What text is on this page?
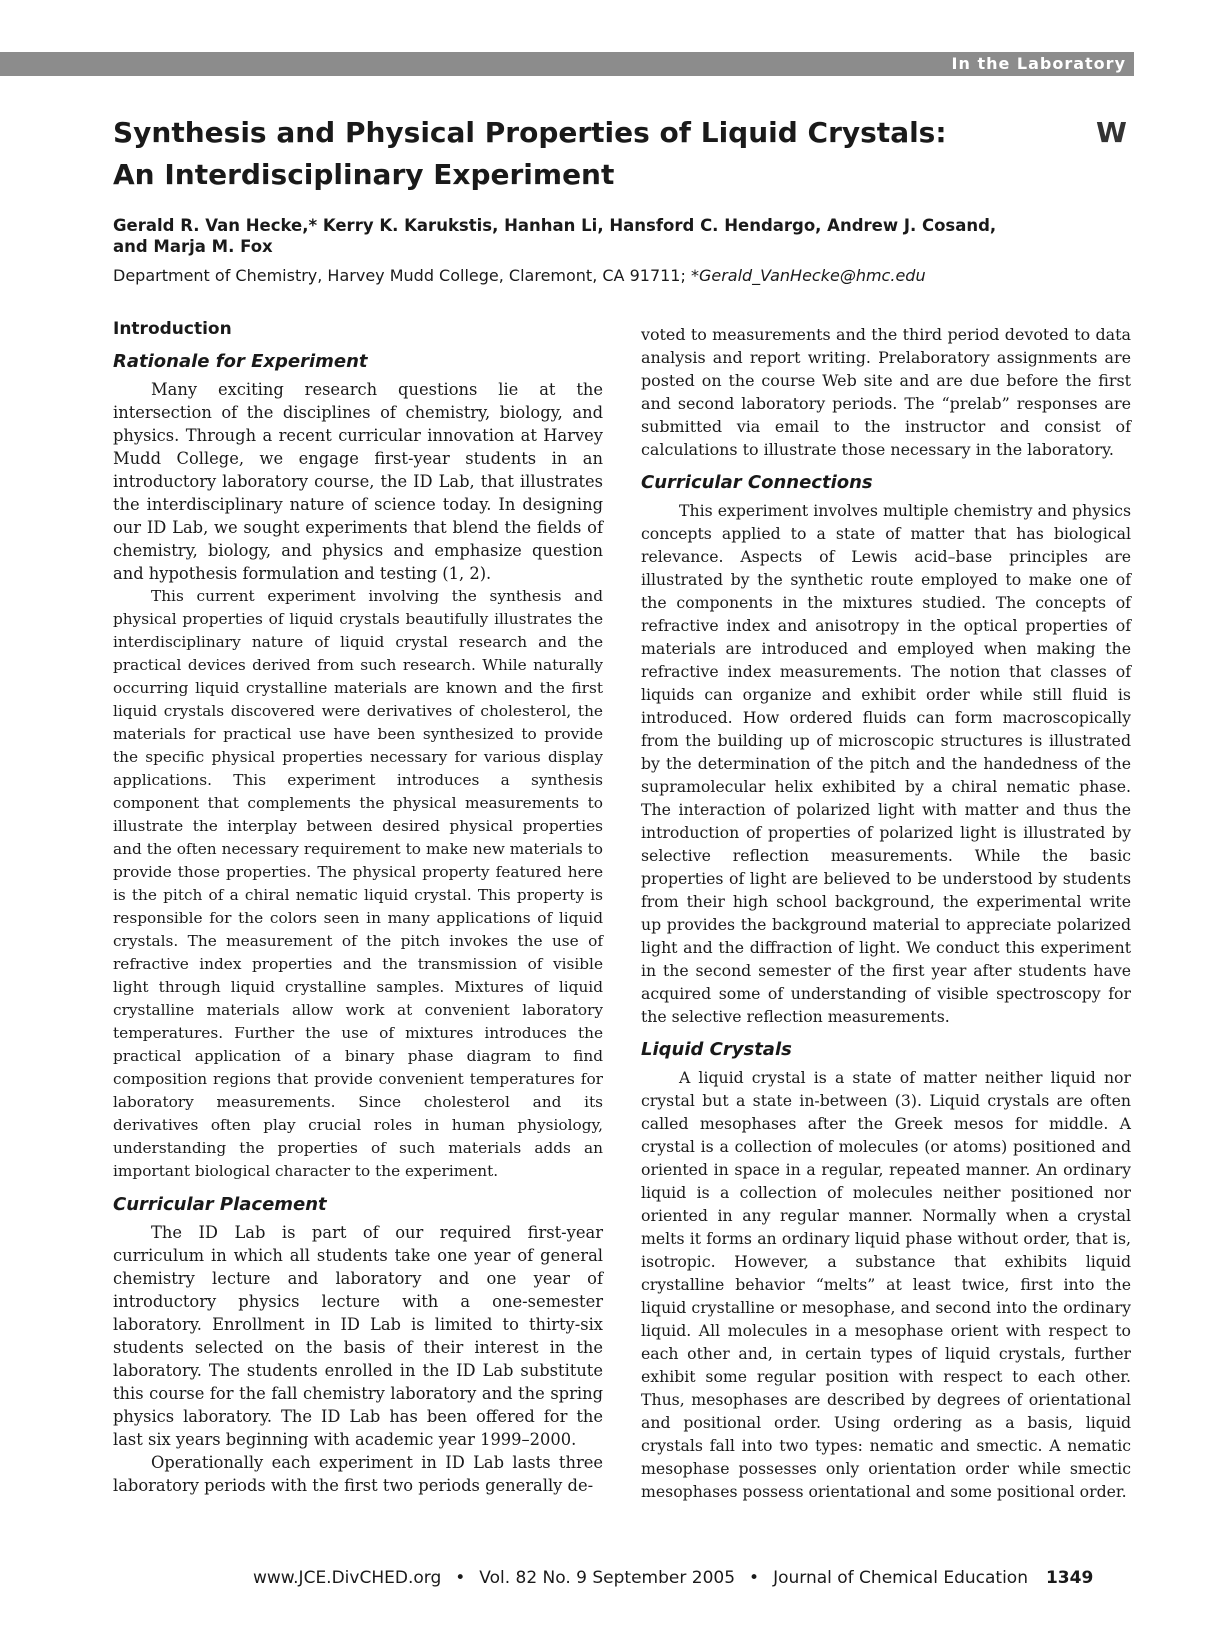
In the Laboratory
Synthesis and Physical Properties of Liquid Crystals:
An Interdisciplinary Experiment
W
Gerald R. Van Hecke,* Kerry K. Karukstis, Hanhan Li, Hansford C. Hendargo, Andrew J. Cosand,
and Marja M. Fox
Department of Chemistry, Harvey Mudd College, Claremont, CA 91711; *Gerald_VanHecke@hmc.edu
Introduction
Rationale for Experiment

Many exciting research questions lie at the intersection of the disciplines of chemistry, biology, and physics. Through a recent curricular innovation at Harvey Mudd College, we engage first-year students in an introductory laboratory course, the ID Lab, that illustrates the interdisciplinary nature of science today. In designing our ID Lab, we sought experiments that blend the fields of chemistry, biology, and physics and emphasize question and hypothesis formulation and testing (1, 2).

This current experiment involving the synthesis and physical properties of liquid crystals beautifully illustrates the interdisciplinary nature of liquid crystal research and the practical devices derived from such research. While naturally occurring liquid crystalline materials are known and the first liquid crystals discovered were derivatives of cholesterol, the materials for practical use have been synthesized to provide the specific physical properties necessary for various display applications. This experiment introduces a synthesis component that complements the physical measurements to illustrate the interplay between desired physical properties and the often necessary requirement to make new materials to provide those properties. The physical property featured here is the pitch of a chiral nematic liquid crystal. This property is responsible for the colors seen in many applications of liquid crystals. The measurement of the pitch invokes the use of refractive index properties and the transmission of visible light through liquid crystalline samples. Mixtures of liquid crystalline materials allow work at convenient laboratory temperatures. Further the use of mixtures introduces the practical application of a binary phase diagram to find composition regions that provide convenient temperatures for laboratory measurements. Since cholesterol and its derivatives often play crucial roles in human physiology, understanding the properties of such materials adds an important biological character to the experiment.

Curricular Placement

The ID Lab is part of our required first-year curriculum in which all students take one year of general chemistry lecture and laboratory and one year of introductory physics lecture with a one-semester laboratory. Enrollment in ID Lab is limited to thirty-six students selected on the basis of their interest in the laboratory. The students enrolled in the ID Lab substitute this course for the fall chemistry laboratory and the spring physics laboratory. The ID Lab has been offered for the last six years beginning with academic year 1999–2000.

Operationally each experiment in ID Lab lasts three laboratory periods with the first two periods generally de-

voted to measurements and the third period devoted to data analysis and report writing. Prelaboratory assignments are posted on the course Web site and are due before the first and second laboratory periods. The “prelab” responses are submitted via email to the instructor and consist of calculations to illustrate those necessary in the laboratory.

Curricular Connections

This experiment involves multiple chemistry and physics concepts applied to a state of matter that has biological relevance. Aspects of Lewis acid–base principles are illustrated by the synthetic route employed to make one of the components in the mixtures studied. The concepts of refractive index and anisotropy in the optical properties of materials are introduced and employed when making the refractive index measurements. The notion that classes of liquids can organize and exhibit order while still fluid is introduced. How ordered fluids can form macroscopically from the building up of microscopic structures is illustrated by the determination of the pitch and the handedness of the supramolecular helix exhibited by a chiral nematic phase. The interaction of polarized light with matter and thus the introduction of properties of polarized light is illustrated by selective reflection measurements. While the basic properties of light are believed to be understood by students from their high school background, the experimental write up provides the background material to appreciate polarized light and the diffraction of light. We conduct this experiment in the second semester of the first year after students have acquired some of understanding of visible spectroscopy for the selective reflection measurements.

Liquid Crystals

A liquid crystal is a state of matter neither liquid nor crystal but a state in-between (3). Liquid crystals are often called mesophases after the Greek mesos for middle. A crystal is a collection of molecules (or atoms) positioned and oriented in space in a regular, repeated manner. An ordinary liquid is a collection of molecules neither positioned nor oriented in any regular manner. Normally when a crystal melts it forms an ordinary liquid phase without order, that is, isotropic. However, a substance that exhibits liquid crystalline behavior “melts” at least twice, first into the liquid crystalline or mesophase, and second into the ordinary liquid. All molecules in a mesophase orient with respect to each other and, in certain types of liquid crystals, further exhibit some regular position with respect to each other. Thus, mesophases are described by degrees of orientational and positional order. Using ordering as a basis, liquid crystals fall into two types: nematic and smectic. A nematic mesophase possesses only orientation order while smectic mesophases possess orientational and some positional order.

www.JCE.DivCHED.org • Vol. 82 No. 9 September 2005 • Journal of Chemical Education 1349
